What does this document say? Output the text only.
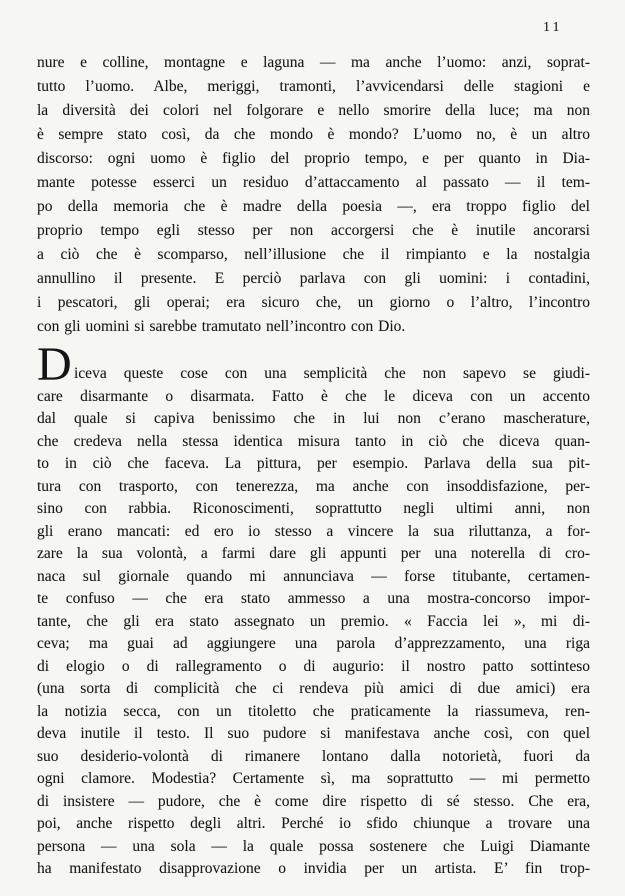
11
nure e colline, montagne e laguna — ma anche l’uomo: anzi, soprat-
tutto l’uomo. Albe, meriggi, tramonti, l’avvicendarsi delle stagioni e
la diversità dei colori nel folgorare e nello smorire della luce; ma non
è sempre stato così, da che mondo è mondo? L’uomo no, è un altro
discorso: ogni uomo è figlio del proprio tempo, e per quanto in Dia-
mante potesse esserci un residuo d’attaccamento al passato — il tem-
po della memoria che è madre della poesia —, era troppo figlio del
proprio tempo egli stesso per non accorgersi che è inutile ancorarsi
a ciò che è scomparso, nell’illusione che il rimpianto e la nostalgia
annullino il presente. E perciò parlava con gli uomini: i contadini,
i pescatori, gli operai; era sicuro che, un giorno o l’altro, l’incontro
con gli uomini si sarebbe tramutato nell’incontro con Dio.
D iceva queste cose con una semplicità che non sapevo se giudi-
care disarmante o disarmata. Fatto è che le diceva con un accento
dal quale si capiva benissimo che in lui non c’erano mascherature,
che credeva nella stessa identica misura tanto in ciò che diceva quan-
to in ciò che faceva. La pittura, per esempio. Parlava della sua pit-
tura con trasporto, con tenerezza, ma anche con insoddisfazione, per-
sino con rabbia. Riconoscimenti, soprattutto negli ultimi anni, non
gli erano mancati: ed ero io stesso a vincere la sua riluttanza, a for-
zare la sua volontà, a farmi dare gli appunti per una noterella di cro-
naca sul giornale quando mi annunciava — forse titubante, certamen-
te confuso — che era stato ammesso a una mostra-concorso impor-
tante, che gli era stato assegnato un premio. « Faccia lei », mi di-
ceva; ma guai ad aggiungere una parola d’apprezzamento, una riga
di elogio o di rallegramento o di augurio: il nostro patto sottinteso
(una sorta di complicità che ci rendeva più amici di due amici) era
la notizia secca, con un titoletto che praticamente la riassumeva, ren-
deva inutile il testo. Il suo pudore si manifestava anche così, con quel
suo desiderio-volontà di rimanere lontano dalla notorietà, fuori da
ogni clamore. Modestia? Certamente sì, ma soprattutto — mi permetto
di insistere — pudore, che è come dire rispetto di sé stesso. Che era,
poi, anche rispetto degli altri. Perché io sfido chiunque a trovare una
persona — una sola — la quale possa sostenere che Luigi Diamante
ha manifestato disapprovazione o invidia per un artista. E’ fin trop-
